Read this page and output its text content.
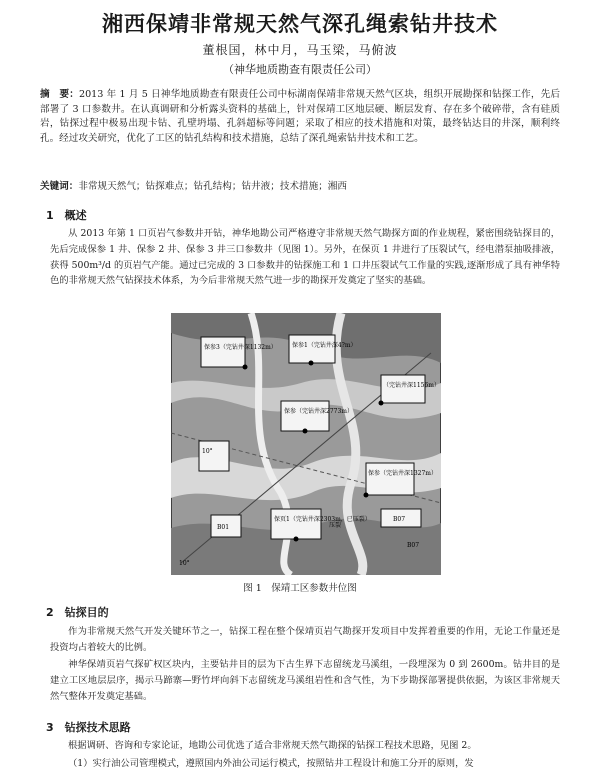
湘西保靖非常规天然气深孔绳索钻井技术
董根国，林中月，马玉梁，马俯波
（神华地质勘查有限责任公司）
摘　要：2013 年 1 月 5 日神华地质勘查有限责任公司中标湖南保靖非常规天然气区块，组织开展勘探和钻探工作，先后部署了 3 口参数井。在认真调研和分析露头资料的基础上，针对保靖工区地层硬、断层发育、存在多个破碎带，含有硅质岩，钻探过程中极易出现卡钻、孔壁坍塌、孔斜超标等问题；采取了相应的技术措施和对策，最终钻达目的井深，顺利终孔。经过攻关研究，优化了工区的钻孔结构和技术措施，总结了深孔绳索钻井技术和工艺。
关键词：非常规天然气；钻探难点；钻孔结构；钻井液；技术措施；湘西
1　概述
从 2013 年第 1 口页岩气参数井开钻，神华地勘公司严格遵守非常规天然气勘探方面的作业规程，紧密围绕钻探目的，先后完成保参 1 井、保参 2 井、保参 3 井三口参数井（见图 1）。另外，在保页 1 井进行了压裂试气，经电潜泵抽吸排液，获得 500m³/d 的页岩气产能。通过已完成的 3 口参数井的钻探施工和 1 口井压裂试气工作量的实践,逐渐形成了具有神华特色的非常规天然气钻探技术体系，为今后非常规天然气进一步的勘探开发奠定了坚实的基础。
保参3（完钻井深1132m）	保参1（完钻井深4?m）
（完钻井深1156m）
保参（完钻井深2773m）
10°
保参（完钻井深1327m）
B07
保页1（完钻井深2303m，已压裂）
B01	压裂
B07
10°
图 1　保靖工区参数井位图
2　钻探目的
作为非常规天然气开发关键环节之一，钻探工程在整个保靖页岩气勘探开发项目中发挥着重要的作用，无论工作量还是投资均占着较大的比例。
神华保靖页岩气探矿权区块内，主要钻井目的层为下古生界下志留统龙马溪组，一段埋深为 0 到 2600m。钻井目的是建立工区地层层序，揭示马蹄寨—野竹坪向斜下志留统龙马溪组岩性和含气性，为下步勘探部署提供依据，为该区非常规天然气整体开发奠定基础。
3　钻探技术思路
根据调研、咨询和专家论证，地勘公司优选了适合非常规天然气勘探的钻探工程技术思路，见图 2。
（1）实行油公司管理模式，遵照国内外油公司运行模式，按照钻井工程设计和施工分开的原则，发
